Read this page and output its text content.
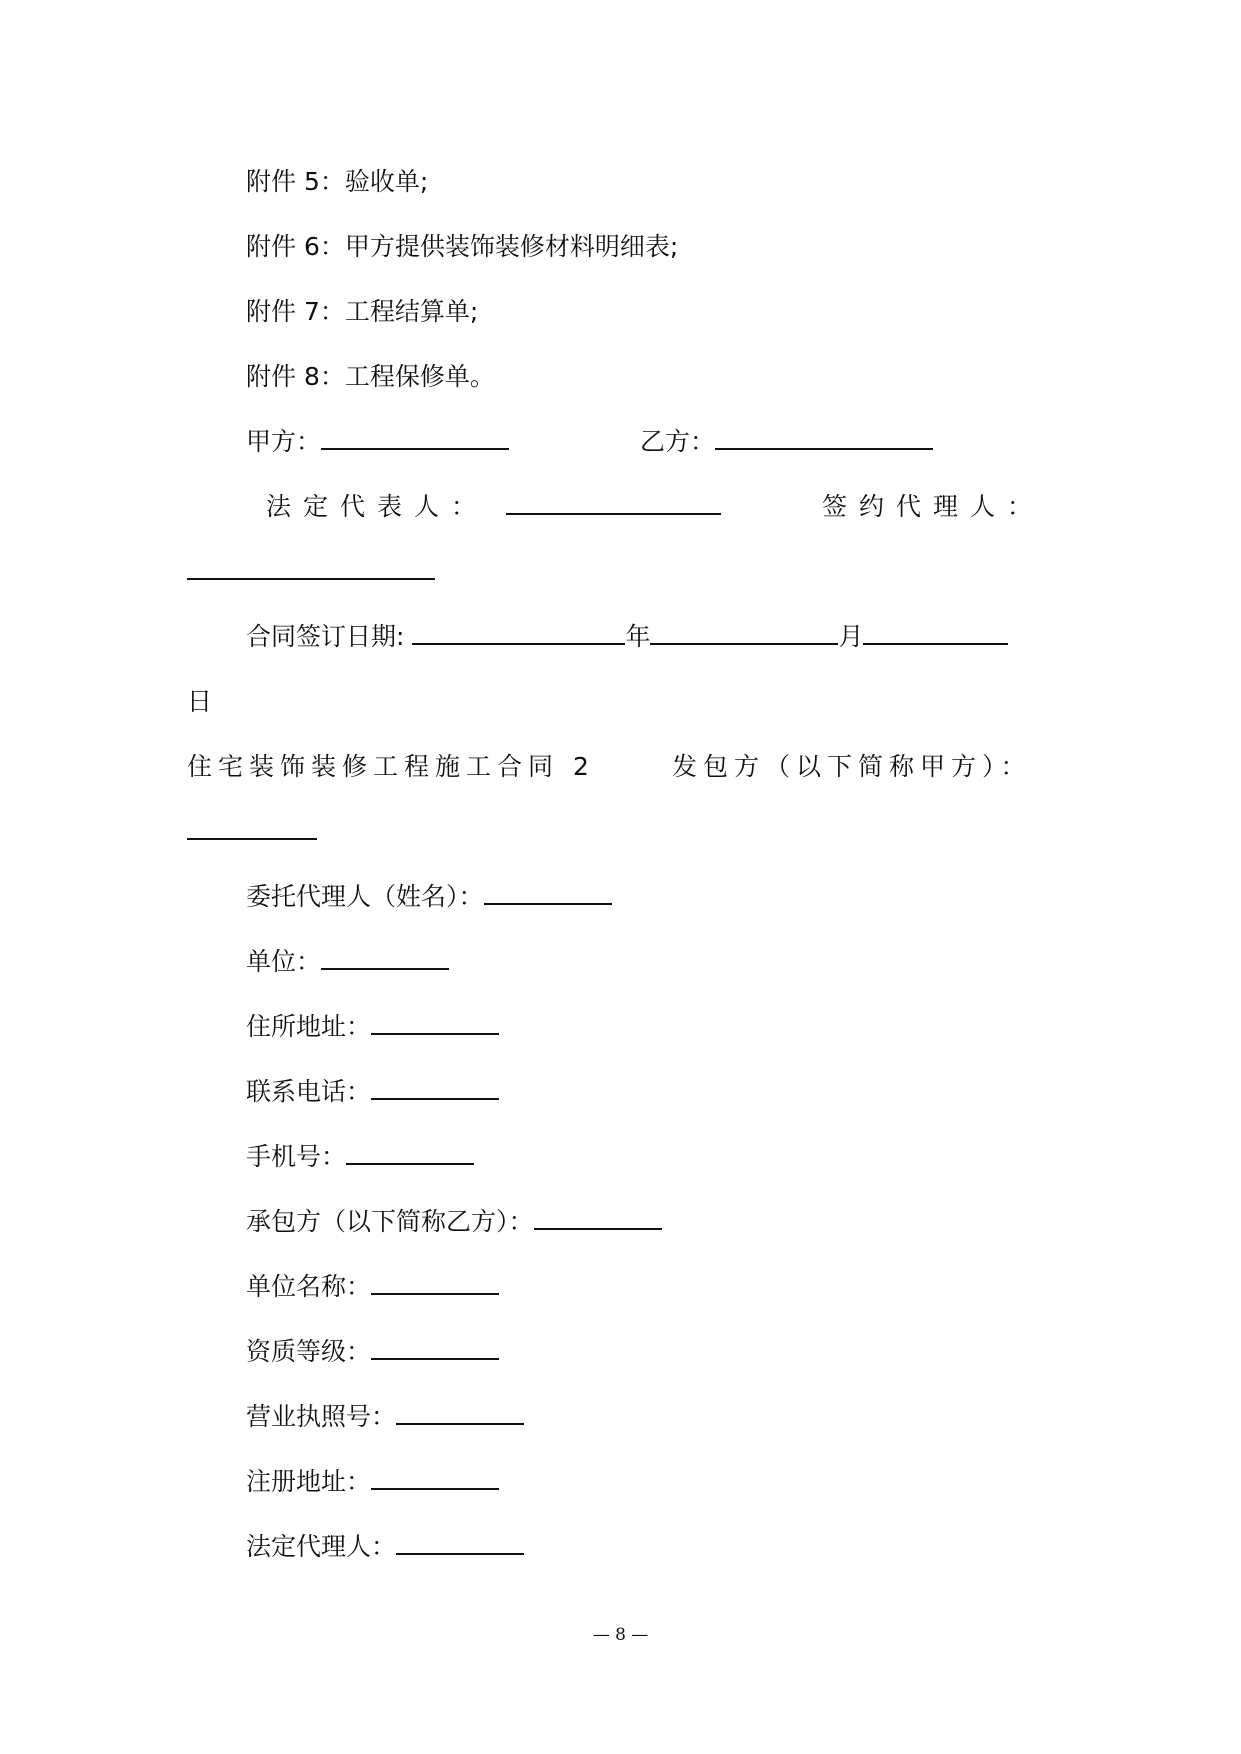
附件 5：验收单;
附件 6：甲方提供装饰装修材料明细表;
附件 7：工程结算单;
附件 8：工程保修单。
甲方：	乙方：
法定代表人：	签约代理人：
合同签订日期:	年	月
日
住宅装饰装修工程施工合同 2	发包方（以下简称甲方）：
委托代理人（姓名）：
单位：
住所地址：
联系电话：
手机号：
承包方（以下简称乙方）：
单位名称：
资质等级：
营业执照号：
注册地址：
法定代理人：
— 8 —
